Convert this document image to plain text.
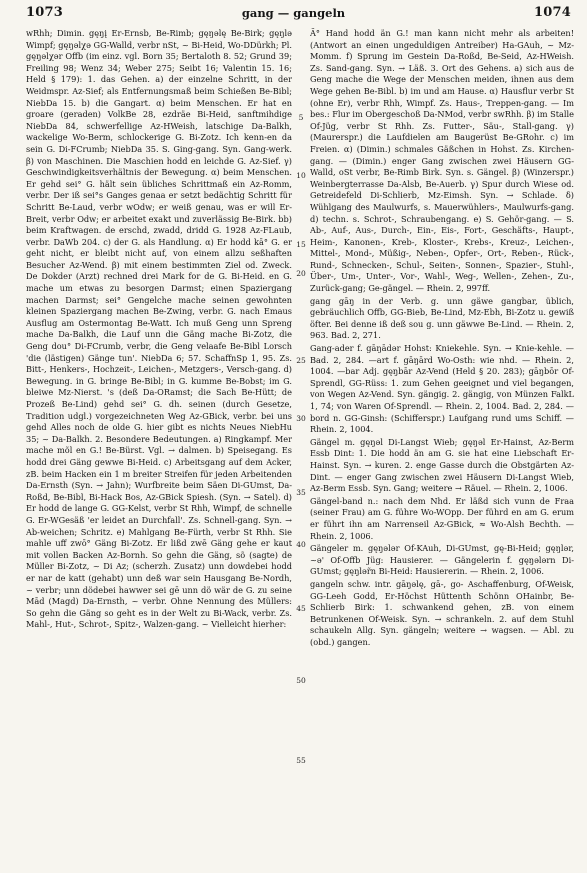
1073	gang — gangeln	1074

wRhh; Dimin. gęŋį Er-Ernsb, Be-Rimb; gęŋəlę Be-Birk; gęŋlə Wimpf; gęŋəlχə GG-Walld, verbr nSt, ~ Bi-Heid, Wo-DDürkh; Pl. gęŋəlχər Offb (im einz. vgl. Born 35; Bertaloth 8. 52; Grund 39; Freiling 98; Wenz 34; Weber 275; Seibt 16; Valentin 15. 16; Held § 179): 1. das Gehen. a) der einzelne Schritt, in der Weidmspr. Az-Sief; als Entfernungsmaß beim Schießen Be-Bibl; NiebDa 15. b) die Gangart. α) beim Menschen. Er hat en groare (geraden) VolkBe 28, ezdräe Bi-Heid, sanftmihdige NiebDa 84, schwerfellige Az-HWeish, latschige Da-Balkh, wackelige Wo-Berm, schlockerige G. Bi-Zotz. Ich kenn-en da sein G. Di-FCrumb; NiebDa 35. S. Ging-gang. Syn. Gang-werk. β) von Maschinen. Die Maschien hodd en leichde G. Az-Sief. γ) Geschwindigkeitsverhältnis der Bewegung. α) beim Menschen. Er gehd sei° G. hält sein übliches Schrittmaß ein Az-Romm, verbr. Der iß sei°s Ganges genaa er setzt bedächtig Schritt für Schritt Be-Laud, verbr wOdw; er weiß genau, was er will Er-Breit, verbr Odw; er arbeitet exakt und zuverlässig Be-Birk. bb) beim Kraftwagen. de erschd, zwadd, dridd G. 1928 Az-FLaub, verbr. DaWb 204. c) der G. als Handlung. α) Er hodd kā° G. er geht nicht, er bleibt nicht auf, von einem allzu seßhaften Besucher Az-Wend. β) mit einem bestimmten Ziel od. Zweck. De Dokder (Arzt) rechned drei Mark for de G. Bi-Heid. en G. mache um etwas zu besorgen Darmst; einen Spaziergang machen Darmst; sei° Gengelche mache seinen gewohnten kleinen Spaziergang machen Be-Zwing, verbr. G. nach Emaus Ausflug am Ostermontag Be-Watt. Ich muß Geng unn Spreng mache Da-Balkh, die Lauf unn die Gäng mache Bi-Zotz, die Geng dou° Di-FCrumb, verbr, die Geng velaafe Be-Bibl Lorsch 'die (lästigen) Gänge tun'. NiebDa 6; 57. SchaffnSp 1, 95. Zs. Bitt-, Henkers-, Hochzeit-, Leichen-, Metzgers-, Versch-gang. d) Bewegung. in G. bringe Be-Bibl; in G. kumme Be-Bobst; im G. bleiwe Mz-Nierst. 's (deß Da-ORamst; die Sach Be-Hütt; de Prozeß Be-Lind) gehd sei° G. dh. seinen (durch Gesetze, Tradition udgl.) vorgezeichneten Weg Az-GBick, verbr. bei uns gehd Alles noch de olde G. hier gibt es nichts Neues NiebHu 35; ~ Da-Balkh. 2. Besondere Bedeutungen. a) Ringkampf. Mer mache mõl en G.! Be-Bürst. Vgl. → dalmen. b) Speisegang. Es hodd drei Gäng gewwe Bi-Heid. c) Arbeitsgang auf dem Acker, zB. beim Hacken ein 1 m breiter Streifen für jeden Arbeitenden Da-Ernsth (Syn. → Jahn); Wurfbreite beim Säen Di-GUmst, Da-Roßd, Be-Bibl, Bi-Hack Bos, Az-GBick Spiesh. (Syn. → Satel). d) Er hodd de lange G. GG-Kelst, verbr St Rhh, Wimpf, de schnelle G. Er-WGesäß 'er leidet an Durchfall'. Zs. Schnell-gang. Syn. → Ab-weichen; Schritz. e) Mahlgang Be-Fürth, verbr St Rhh. Sie mahle uff zwō° Gäng Bi-Zotz. Er lißd zwē Gäng gehe er kaut mit vollen Backen Az-Bornh. So gehn die Gäng, sõ (sagte) de Müller Bi-Zotz, ~ Di Az; (scherzh. Zusatz) unn dowdebei hodd er nar de katt (gehabt) unn deß war sein Hausgang Be-Nordh, ~ verbr; unn dödebei hawwer sei gē unn dö wär de G. zu seine Mād (Magd) Da-Ernsth, ~ verbr. Ohne Nennung des Müllers: So gehn die Gäng so geht es in der Welt zu Bi-Wack, verbr. Zs. Mahl-, Hut-, Schrot-, Spitz-, Walzen-gang. ~ Vielleicht hierher:

5
10
15
20
25
30
35
40
45
50
55

Ä° Hand hodd än G.! man kann nicht mehr als arbeiten! (Antwort an einen ungeduldigen Antreiber) Ha-GAuh, ~ Mz-Momm. f) Sprung im Gestein Da-Roßd, Be-Seid, Az-HWeish. Zs. Sand-gang. Syn. → Läß. 3. Ort des Gehens. a) sich aus de Geng mache die Wege der Menschen meiden, ihnen aus dem Wege gehen Be-Bibl. b) im und am Hause. α) Hausflur verbr St (ohne Er), verbr Rhh, Wimpf. Zs. Haus-, Treppen-gang. — Im bes.: Flur im Obergeschoß Da-NMod, verbr swRhh. β) im Stalle Of-Jüg, verbr St Rhh. Zs. Futter-, Säu-, Stall-gang. γ) (Maurerspr.) die Laufdielen am Baugerüst Be-GRohr. c) im Freien. α) (Dimin.) schmales Gäßchen in Hohst. Zs. Kirchen-gang. — (Dimin.) enger Gang zwischen zwei Häusern GG-Walld, oSt verbr, Be-Rimb Birk. Syn. s. Gängel. β) (Winzerspr.) Weinbergterrasse Da-Alsb, Be-Auerb. γ) Spur durch Wiese od. Getreidefeld Di-Schlierb, Mz-Eimsh. Syn. → Schlade. δ) Wühlgang des Maulwurfs, s. Mauerwühlers-, Maulwurfs-gang. d) techn. s. Schrot-, Schraubengang. e) S. Gehör-gang. — S. Ab-, Auf-, Aus-, Durch-, Ein-, Eis-, Fort-, Geschäfts-, Haupt-, Heim-, Kanonen-, Kreb-, Kloster-, Krebs-, Kreuz-, Leichen-, Mittel-, Mond-, Müßig-, Neben-, Opfer-, Ort-, Reben-, Rück-, Rund-, Schnecken-, Schul-, Seiten-, Sonnen-, Spazier-, Stuhl-, Über-, Um-, Unter-, Vor-, Wahl-, Weg-, Wellen-, Zehen-, Zu-, Zurück-gang; Ge-gängel. — Rhein. 2, 997ff.

gang gāŋ in der Verb. g. unn gäwe gangbar, üblich, gebräuchlich Offb, GG-Bieb, Be-Lind, Mz-Ebh, Bi-Zotz u. gewiß öfter. Bei denne iß deß sou g. unn gäwwe Be-Lind. — Rhein. 2, 963. Bad. 2, 271.

Gang-ader f. gāŋādər Hohst: Kniekehle. Syn. → Knie-kehle. — Bad. 2, 284. —art f. gāŋārd Wo-Osth: wie nhd. — Rhein. 2, 1004. —bar Adj. gęŋbār Az-Vend (Held § 20. 283); gāŋbōr Of-Sprendl, GG-Rüss: 1. zum Gehen geeignet und viel begangen, von Wegen Az-Vend. Syn. gängig. 2. gängig, von Münzen FalkL 1, 74; von Waren Of-Sprendl. — Rhein. 2, 1004. Bad. 2, 284. —bord n. GG-Ginsh: (Schifferspr.) Laufgang rund ums Schiff. — Rhein. 2, 1004.

Gängel m. gęŋəl Di-Langst Wieb; gęŋəl Er-Hainst, Az-Berm Essb Dint: 1. Die hodd än am G. sie hat eine Liebschaft Er-Hainst. Syn. → kuren. 2. enge Gasse durch die Obstgärten Az-Dint. — enger Gang zwischen zwei Häusern Di-Langst Wieb, Az-Berm Essb. Syn. Gang; weitere → Räuel. — Rhein. 2, 1006.

Gängel-band n.: nach dem Nhd. Er läßd sich vunn de Fraa (seiner Frau) am G. führe Wo-WOpp. Der führd en am G. erum er führt ihn am Narrenseil Az-GBick, ≈ Wo-Alsh Bechth. — Rhein. 2, 1006.

Gängeler m. gęŋələr Of-KAuh, Di-GUmst, gę-Bi-Heid; gęŋlər, ~ə' Of-Offb Jüg: Hausierer. — Gängelerin f. gęŋələrn Di-GUmst; gęŋlər̃n Bi-Heid: Hausiererin. — Rhein. 2, 1006.

gangeln schw. intr. gāŋəlę, gā-, go- Aschaffenburg, Of-Weisk, GG-Leeh Godd, Er-Höchst Hüttenth Schönn OHainbr, Be-Schlierb Birk: 1. schwankend gehen, zB. von einem Betrunkenen Of-Weisk. Syn. → schrankeln. 2. auf dem Stuhl schaukeln Allg. Syn. gängeln; weitere → wagsen. — Abl. zu (obd.) gangen.
